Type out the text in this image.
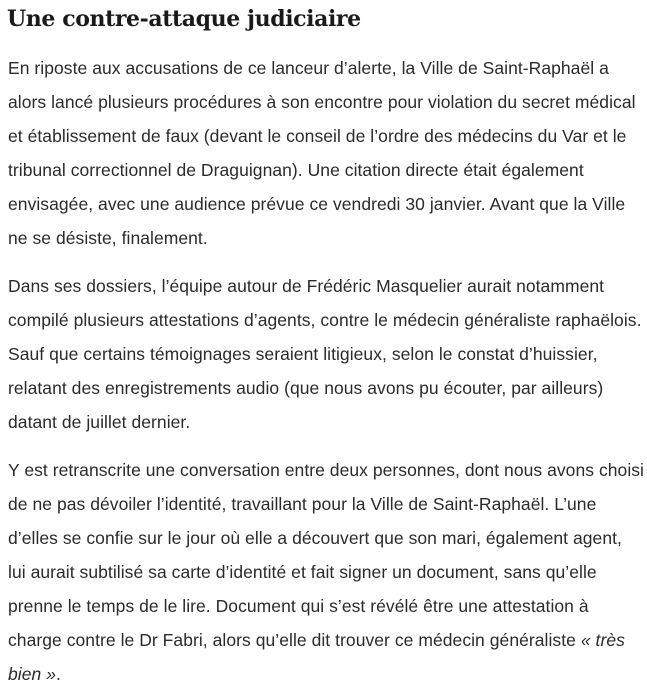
Une contre-attaque judiciaire

En riposte aux accusations de ce lanceur d’alerte, la Ville de Saint-Raphaël a alors lancé plusieurs procédures à son encontre pour violation du secret médical et établissement de faux (devant le conseil de l’ordre des médecins du Var et le tribunal correctionnel de Draguignan). Une citation directe était également envisagée, avec une audience prévue ce vendredi 30 janvier. Avant que la Ville ne se désiste, finalement.

Dans ses dossiers, l’équipe autour de Frédéric Masquelier aurait notamment compilé plusieurs attestations d’agents, contre le médecin généraliste raphaëlois. Sauf que certains témoignages seraient litigieux, selon le constat d’huissier, relatant des enregistrements audio (que nous avons pu écouter, par ailleurs) datant de juillet dernier.

Y est retranscrite une conversation entre deux personnes, dont nous avons choisi de ne pas dévoiler l’identité, travaillant pour la Ville de Saint-Raphaël. L’une d’elles se confie sur le jour où elle a découvert que son mari, également agent, lui aurait subtilisé sa carte d’identité et fait signer un document, sans qu’elle prenne le temps de le lire. Document qui s’est révélé être une attestation à charge contre le Dr Fabri, alors qu’elle dit trouver ce médecin généraliste « très bien ».
